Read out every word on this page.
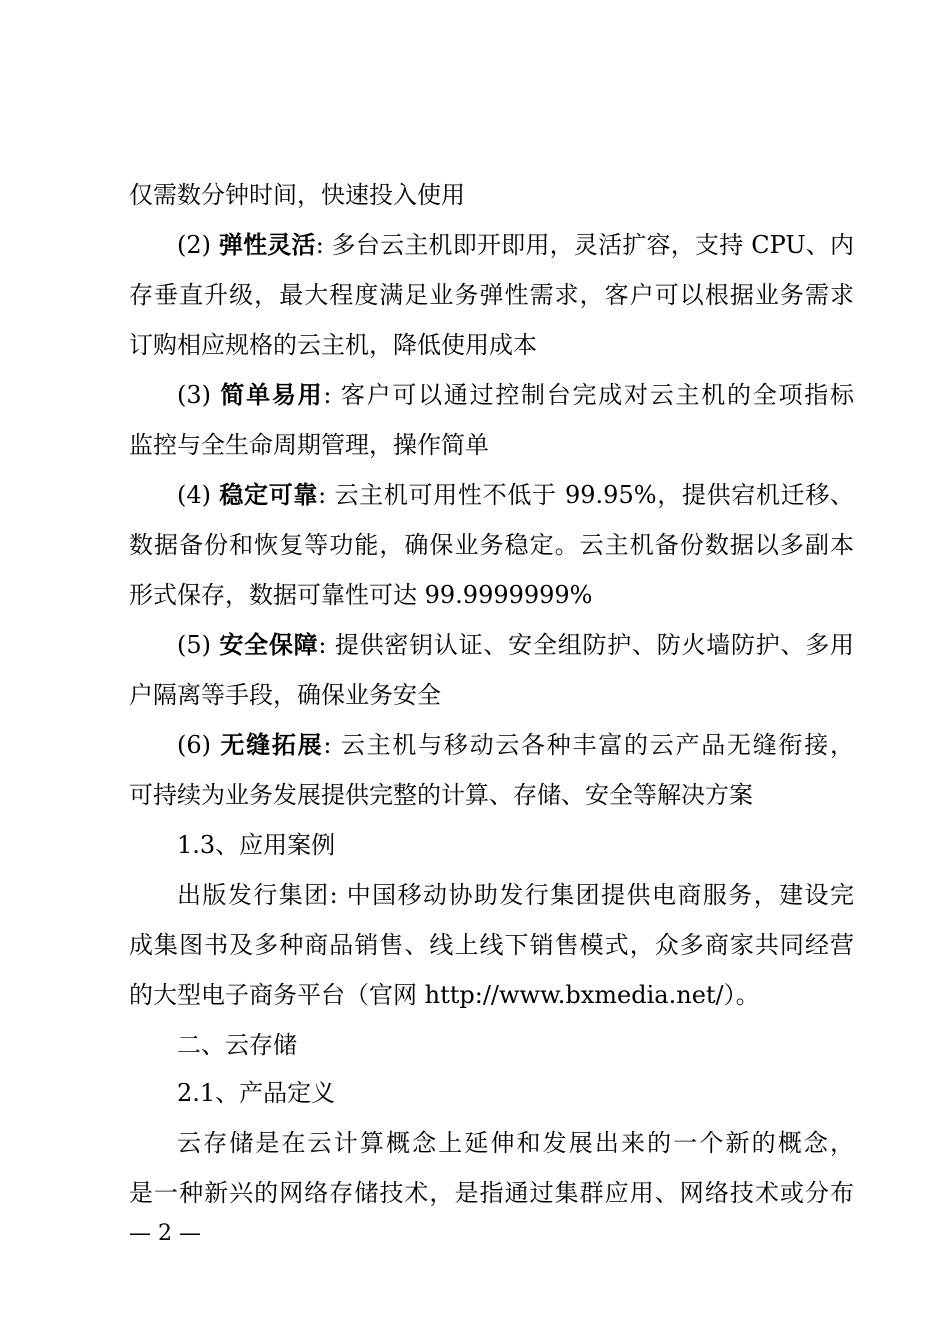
仅需数分钟时间，快速投入使用
(2) 弹性灵活: 多台云主机即开即用，灵活扩容，支持 CPU、内
存垂直升级，最大程度满足业务弹性需求，客户可以根据业务需求
订购相应规格的云主机，降低使用成本
(3) 简单易用: 客户可以通过控制台完成对云主机的全项指标
监控与全生命周期管理，操作简单
(4) 稳定可靠: 云主机可用性不低于 99.95%，提供宕机迁移、
数据备份和恢复等功能，确保业务稳定。云主机备份数据以多副本
形式保存，数据可靠性可达 99.9999999%
(5) 安全保障: 提供密钥认证、安全组防护、防火墙防护、多用
户隔离等手段，确保业务安全
(6) 无缝拓展: 云主机与移动云各种丰富的云产品无缝衔接，
可持续为业务发展提供完整的计算、存储、安全等解决方案
1.3、应用案例
出版发行集团: 中国移动协助发行集团提供电商服务，建设完
成集图书及多种商品销售、线上线下销售模式，众多商家共同经营
的大型电子商务平台（官网 http://www.bxmedia.net/）。
二、云存储
2.1、产品定义
云存储是在云计算概念上延伸和发展出来的一个新的概念，
是一种新兴的网络存储技术，是指通过集群应用、网络技术或分布
— 2 —
